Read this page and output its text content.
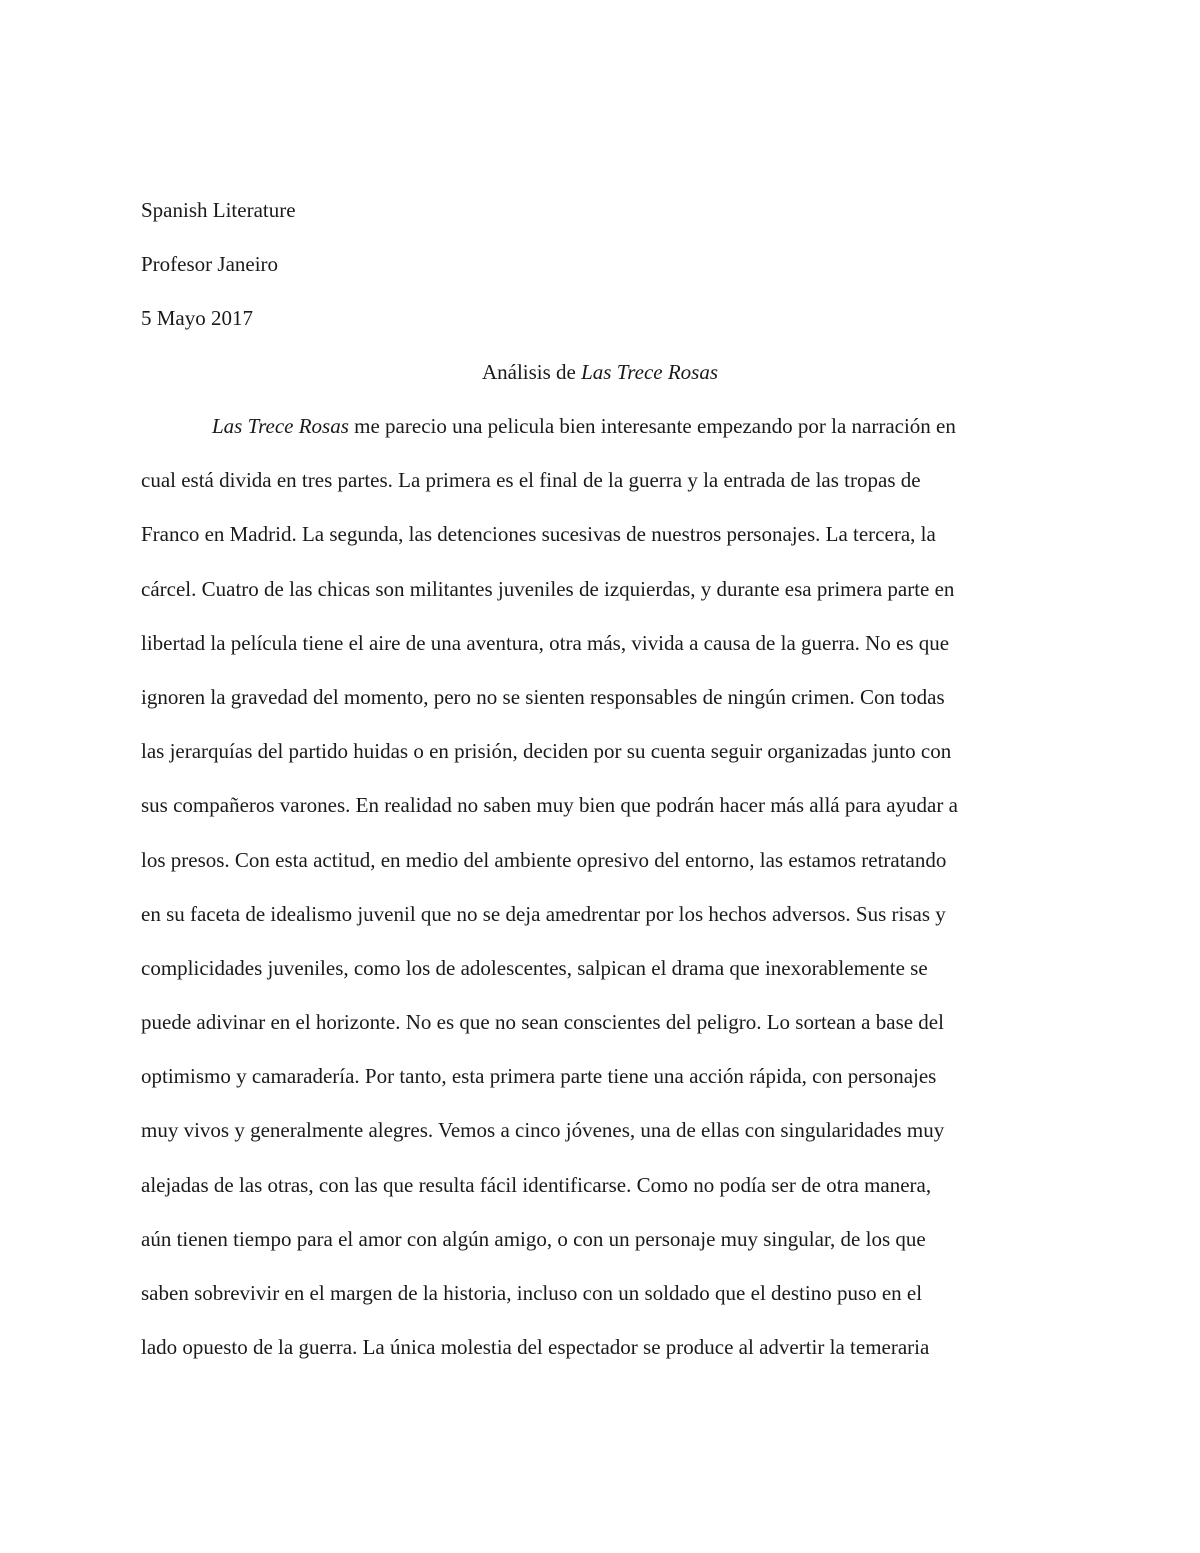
Spanish Literature
Profesor Janeiro
5 Mayo 2017
Análisis de Las Trece Rosas
Las Trece Rosas me parecio una pelicula bien interesante empezando por la narración en
cual está divida en tres partes. La primera es el final de la guerra y la entrada de las tropas de
Franco en Madrid. La segunda, las detenciones sucesivas de nuestros personajes. La tercera, la
cárcel. Cuatro de las chicas son militantes juveniles de izquierdas, y durante esa primera parte en
libertad la película tiene el aire de una aventura, otra más, vivida a causa de la guerra. No es que
ignoren la gravedad del momento, pero no se sienten responsables de ningún crimen. Con todas
las jerarquías del partido huidas o en prisión, deciden por su cuenta seguir organizadas junto con
sus compañeros varones. En realidad no saben muy bien que podrán hacer más allá para ayudar a
los presos. Con esta actitud, en medio del ambiente opresivo del entorno, las estamos retratando
en su faceta de idealismo juvenil que no se deja amedrentar por los hechos adversos. Sus risas y
complicidades juveniles, como los de adolescentes, salpican el drama que inexorablemente se
puede adivinar en el horizonte. No es que no sean conscientes del peligro. Lo sortean a base del
optimismo y camaradería. Por tanto, esta primera parte tiene una acción rápida, con personajes
muy vivos y generalmente alegres. Vemos a cinco jóvenes, una de ellas con singularidades muy
alejadas de las otras, con las que resulta fácil identificarse. Como no podía ser de otra manera,
aún tienen tiempo para el amor con algún amigo, o con un personaje muy singular, de los que
saben sobrevivir en el margen de la historia, incluso con un soldado que el destino puso en el
lado opuesto de la guerra. La única molestia del espectador se produce al advertir la temeraria
